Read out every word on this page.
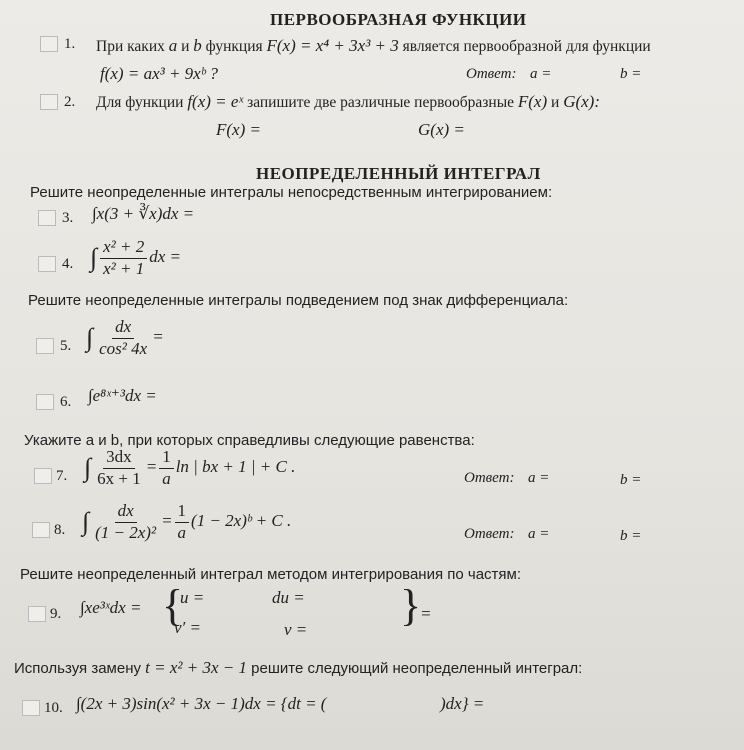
ПЕРВООБРАЗНАЯ ФУНКЦИИ
1. При каких a и b функция F(x) = x⁴ + 3x³ + 3 является первообразной для функции
f(x) = ax³ + 9xᵇ ?	Ответ: a =	b =
2. Для функции f(x) = eˣ запишите две различные первообразные F(x) и G(x):
F(x) =	G(x) =
НЕОПРЕДЕЛЕННЫЙ ИНТЕГРАЛ
Решите неопределенные интегралы непосредственным интегрированием:
3. ∫x(3 + ∛x)dx =
4. ∫ $\frac{\text{x² + 2}}{\text{x² + 1}}$ dx =
Решите неопределенные интегралы подведением под знак дифференциала:
5. ∫ $\frac{dx}{\text{cos² 4x}}$ =
6. ∫e⁸ˣ⁺³dx =
Укажите a и b, при которых справедливы следующие равенства:
7. ∫ $\frac{3dx}{6x + 1} = \frac{1}{a}$ ln | bx + 1 | + C .
Ответ: a =	b =
8. ∫ $\frac{dx}{\text{(1 − 2x)²}} = \frac{1}{a} (1$ − 2x)ᵇ + C .
Ответ: a =	b =
Решите неопределенный интеграл методом интегрирования по частям:
9. ∫xe³ˣdx = {
u =	du =
v′ =	v = }
=
Используя замену t = x² + 3x − 1 решите следующий неопределенный интеграл:
10. ∫(2x + 3)sin(x² + 3x − 1)dx = {dt = (	)dx} =
